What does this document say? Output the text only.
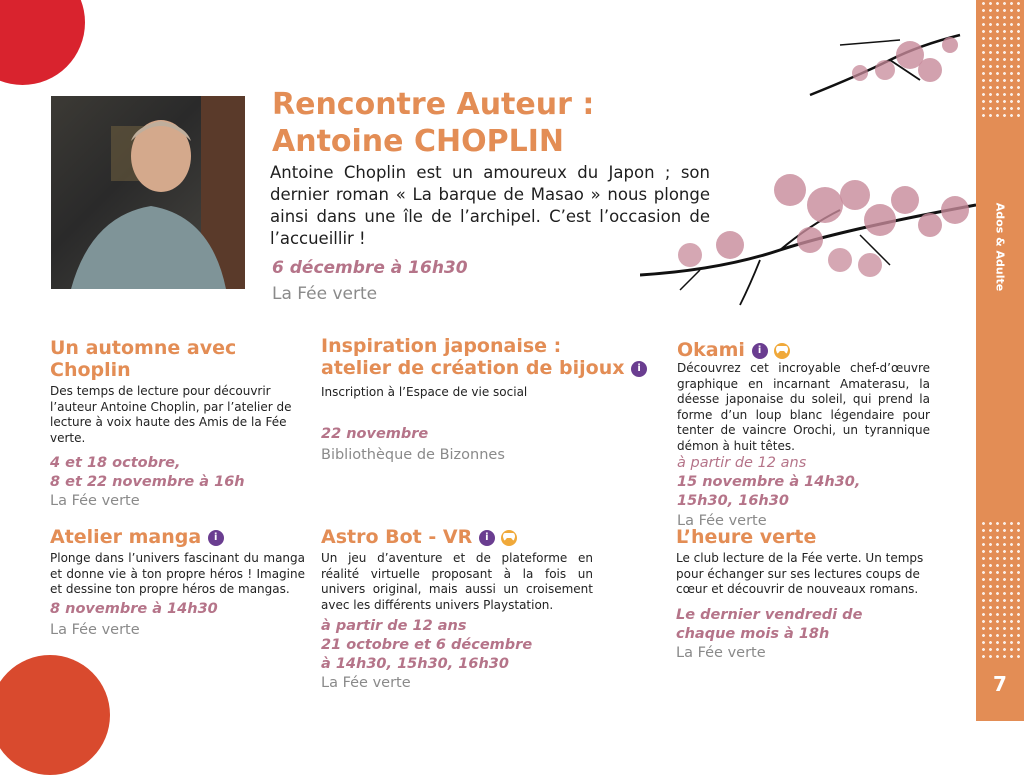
Rencontre Auteur :
Antoine CHOPLIN
Antoine Choplin est un amoureux du Japon ; son dernier roman « La barque de Masao » nous plonge ainsi dans une île de l’archipel. C’est l’occasion de l’accueillir !
6 décembre à 16h30
La Fée verte

Un automne avec
Choplin

Des temps de lecture pour découvrir l’auteur Antoine Choplin, par l’atelier de lecture à voix haute des Amis de la Fée verte.

4 et 18 octobre,
8 et 22 novembre à 16h
La Fée verte

Inspiration japonaise :
atelier de création de bijoux i

Inscription à l’Espace de vie social

22 novembre
Bibliothèque de Bizonnes

Okami i

Découvrez cet incroyable chef-d’œuvre graphique en incarnant Amaterasu, la déesse japonaise du soleil, qui prend la forme d’un loup blanc légendaire pour tenter de vaincre Orochi, un tyrannique démon à huit têtes.

à partir de 12 ans
15 novembre à 14h30,
15h30, 16h30
La Fée verte

Atelier manga i

Plonge dans l’univers fascinant du manga et donne vie à ton propre héros ! Imagine et dessine ton propre héros de mangas.

8 novembre à 14h30
La Fée verte

Astro Bot - VR i

Un jeu d’aventure et de plateforme en réalité virtuelle proposant à la fois un univers original, mais aussi un croisement avec les différents univers Playstation.

à partir de 12 ans
21 octobre et 6 décembre
à 14h30, 15h30, 16h30
La Fée verte

L’heure verte

Le club lecture de la Fée verte. Un temps pour échanger sur ses lectures coups de cœur et découvrir de nouveaux romans.

Le dernier vendredi de
chaque mois à 18h
La Fée verte
Ados & Adulte
7
